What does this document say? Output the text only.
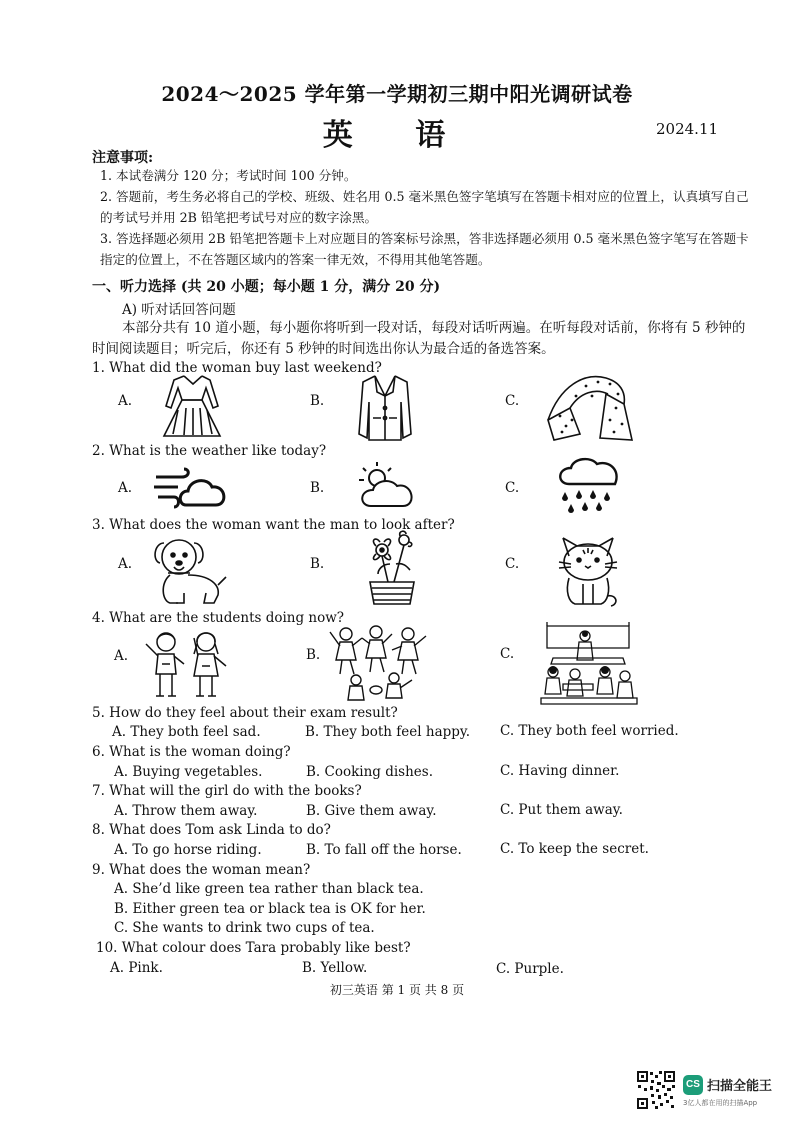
2024～2025 学年第一学期初三期中阳光调研试卷
英 语	2024.11
注意事项:
1. 本试卷满分 120 分；考试时间 100 分钟。
2. 答题前，考生务必将自己的学校、班级、姓名用 0.5 毫米黑色签字笔填写在答题卡相对应的位置上，认真填写自己的考试号并用 2B 铅笔把考试号对应的数字涂黑。
3. 答选择题必须用 2B 铅笔把答题卡上对应题目的答案标号涂黑，答非选择题必须用 0.5 毫米黑色签字笔写在答题卡指定的位置上，不在答题区域内的答案一律无效，不得用其他笔答题。
一、听力选择 (共 20 小题；每小题 1 分，满分 20 分)
A) 听对话回答问题
本部分共有 10 道小题，每小题你将听到一段对话，每段对话听两遍。在听每段对话前，你将有 5 秒钟的时间阅读题目；听完后，你还有 5 秒钟的时间选出你认为最合适的备选答案。
1. What did the woman buy last weekend?
A.	B.	C.
2. What is the weather like today?
A.	B.	C.
3. What does the woman want the man to look after?
A.	B.	C.
4. What are the students doing now?
A.	B.	C.
5. How do they feel about their exam result?
A. They both feel sad.	B. They both feel happy. C. They both feel worried.
6. What is the woman doing?
A. Buying vegetables.	B. Cooking dishes.	C. Having dinner.
7. What will the girl do with the books?
A. Throw them away.	B. Give them away.	C. Put them away.
8. What does Tom ask Linda to do?
A. To go horse riding.	B. To fall off the horse.	C. To keep the secret.
9. What does the woman mean?
A. She’d like green tea rather than black tea.
B. Either green tea or black tea is OK for her.
C. She wants to drink two cups of tea.
10. What colour does Tara probably like best?
A. Pink.	B. Yellow.	C. Purple.
初三英语 第 1 页 共 8 页
CS 扫描全能王
3亿人都在用的扫描App
